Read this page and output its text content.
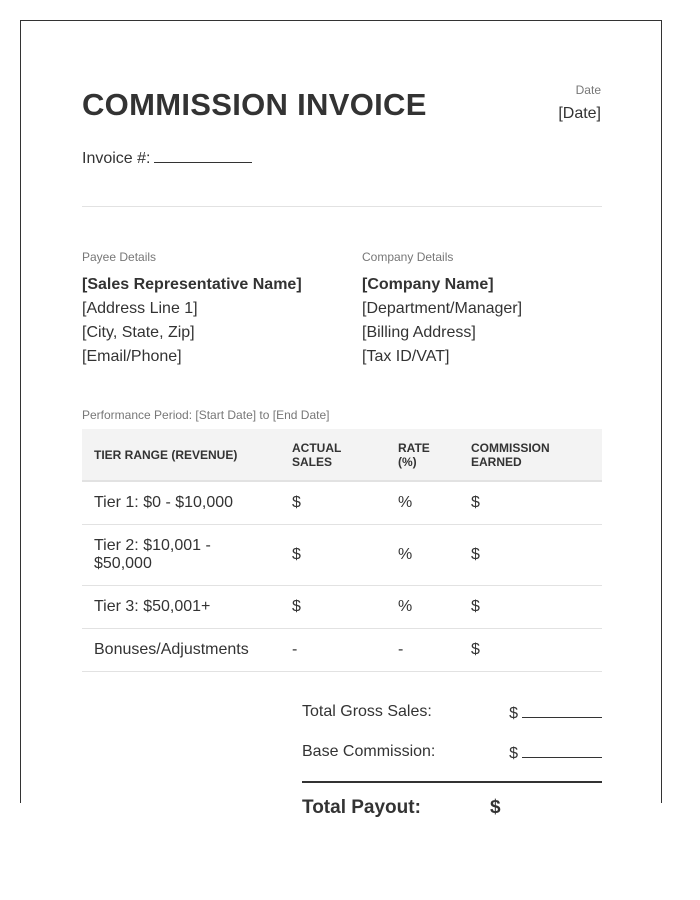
COMMISSION INVOICE	Date
[Date]
Invoice #:
Payee Details
[Sales Representative Name]
[Address Line 1]
[City, State, Zip]
[Email/Phone]
Company Details
[Company Name]
[Department/Manager]
[Billing Address]
[Tax ID/VAT]
Performance Period: [Start Date] to [End Date]
TIER RANGE (REVENUE)	ACTUAL SALES	RATE (%)	COMMISSION EARNED
Tier 1: $0 - $10,000	$	%	$
Tier 2: $10,001 - $50,000	$	%	$
Tier 3: $50,001+	$	%	$
Bonuses/Adjustments	-	-	$
Total Gross Sales:	$
Base Commission:	$
Total Payout:	$
